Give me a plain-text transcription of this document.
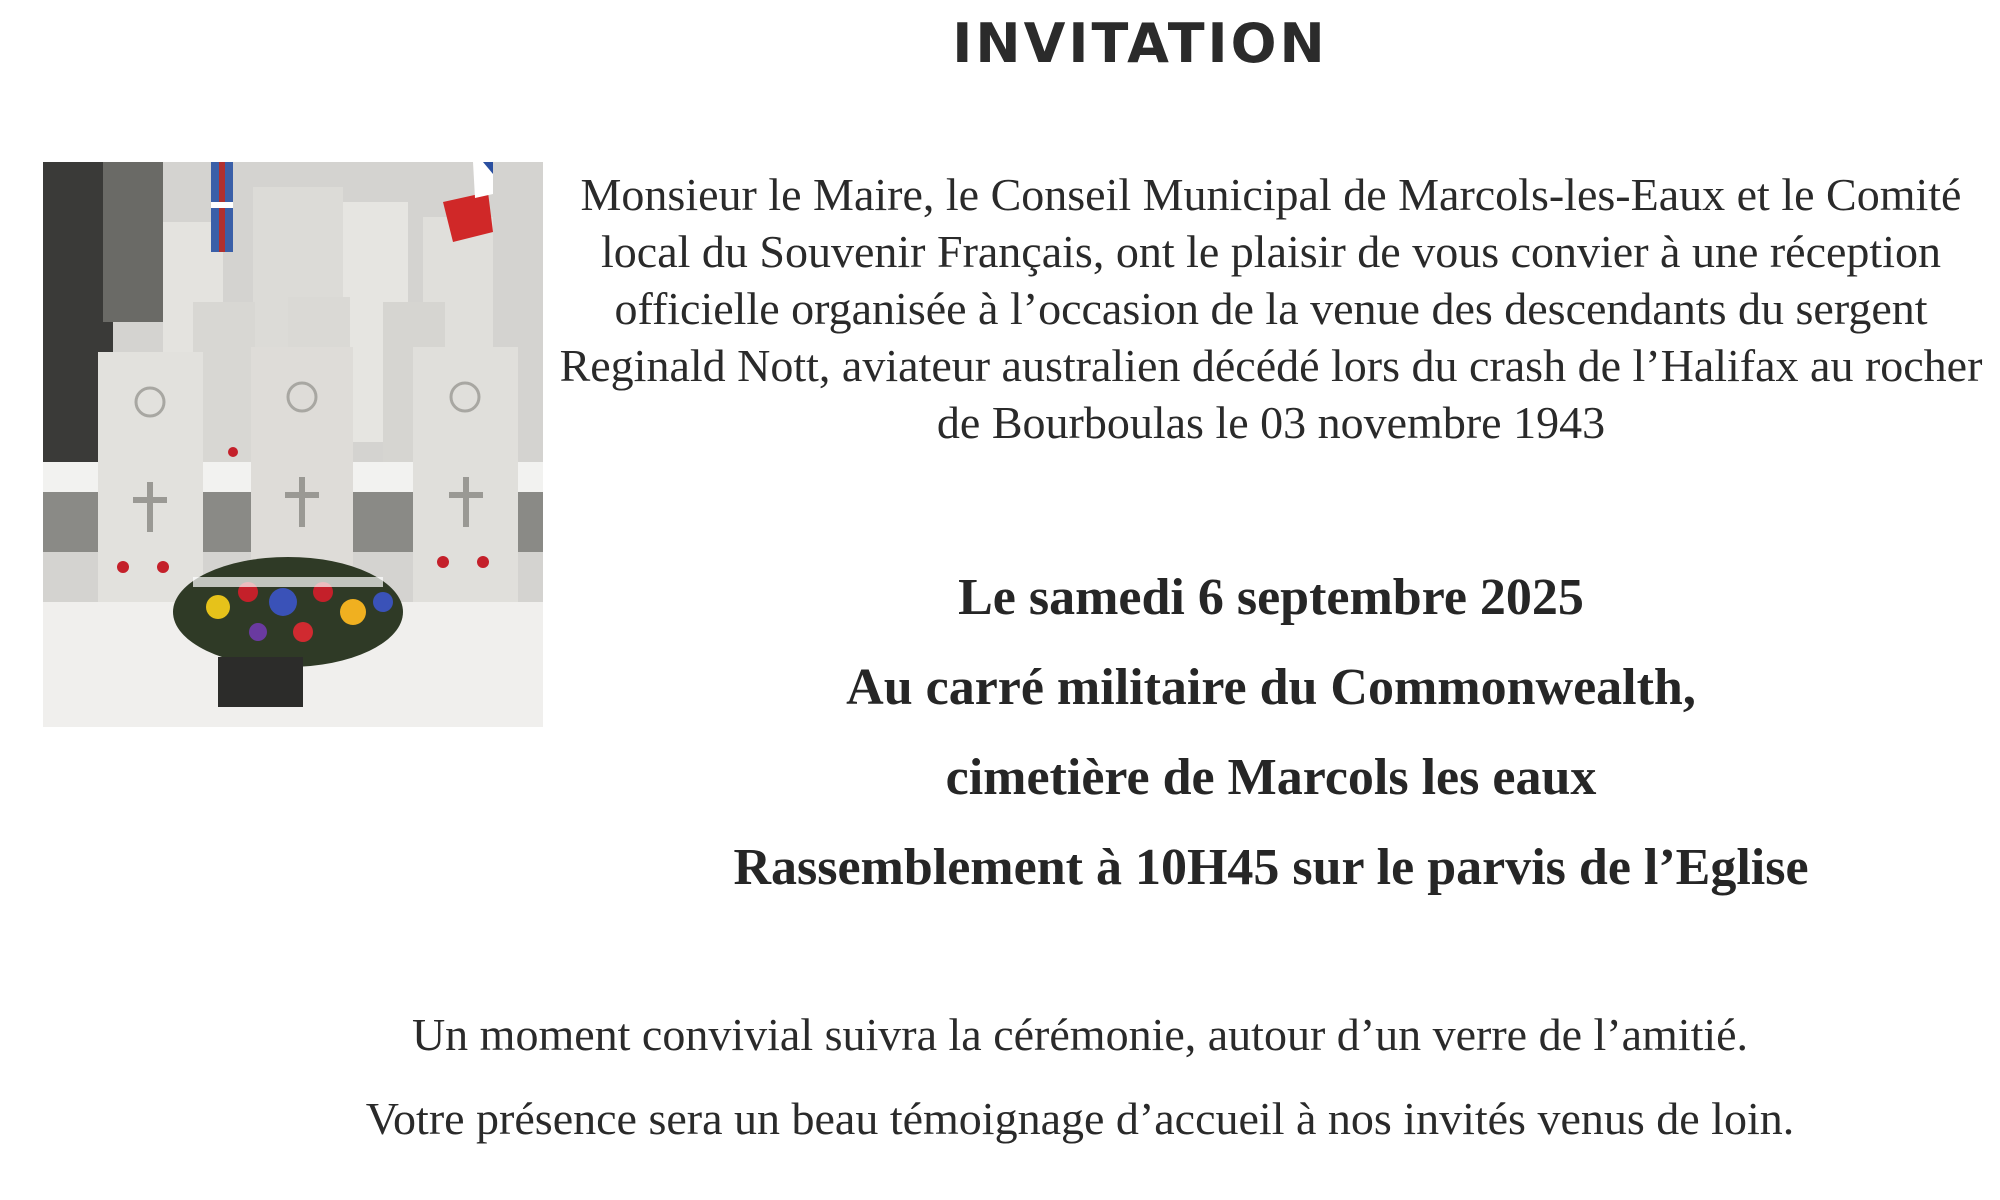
INVITATION
Monsieur le Maire, le Conseil Municipal de Marcols-les-Eaux et le Comité local du Souvenir Français, ont le plaisir de vous convier à une réception officielle organisée à l’occasion de la venue des descendants du sergent Reginald Nott, aviateur australien décédé lors du crash de l’Halifax au rocher de Bourboulas le 03 novembre 1943
Le samedi 6 septembre 2025
Au carré militaire du Commonwealth,
cimetière de Marcols les eaux
Rassemblement à 10H45 sur le parvis de l’Eglise
Un moment convivial suivra la cérémonie, autour d’un verre de l’amitié.
Votre présence sera un beau témoignage d’accueil à nos invités venus de loin.
